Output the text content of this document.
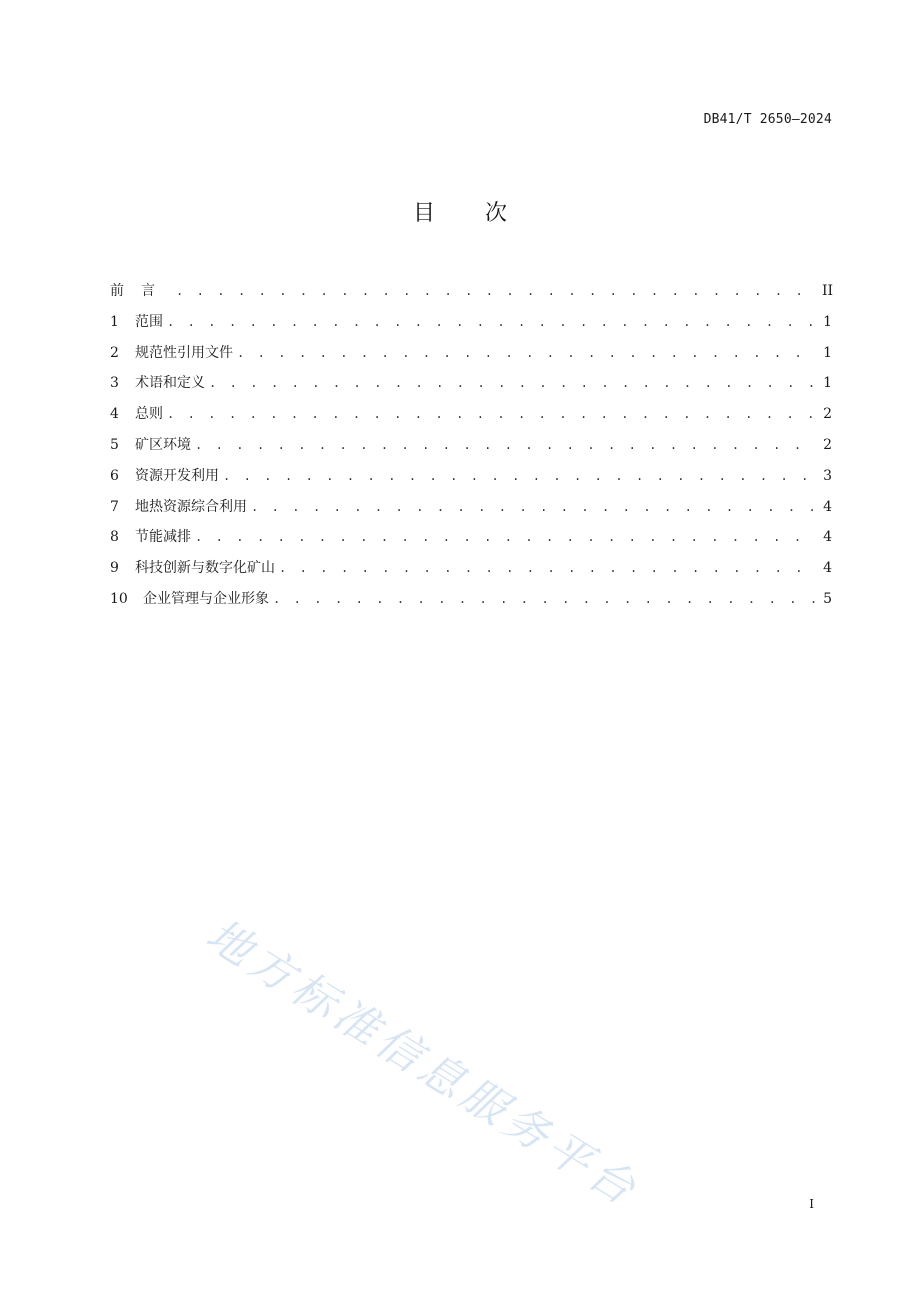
DB41/T 2650—2024
目次
前言 . . .	II
1	范围 . . .	1
2	规范性引用文件 . . .	1
3	术语和定义 . . .	1
4	总则 . . .	2
5	矿区环境 . . .	2
6	资源开发利用 . . .	3
7	地热资源综合利用 . . .	4
8	节能减排 . . .	4
9	科技创新与数字化矿山 . . .	4
10	企业管理与企业形象 . . .	5
地方标准信息服务平台	I
